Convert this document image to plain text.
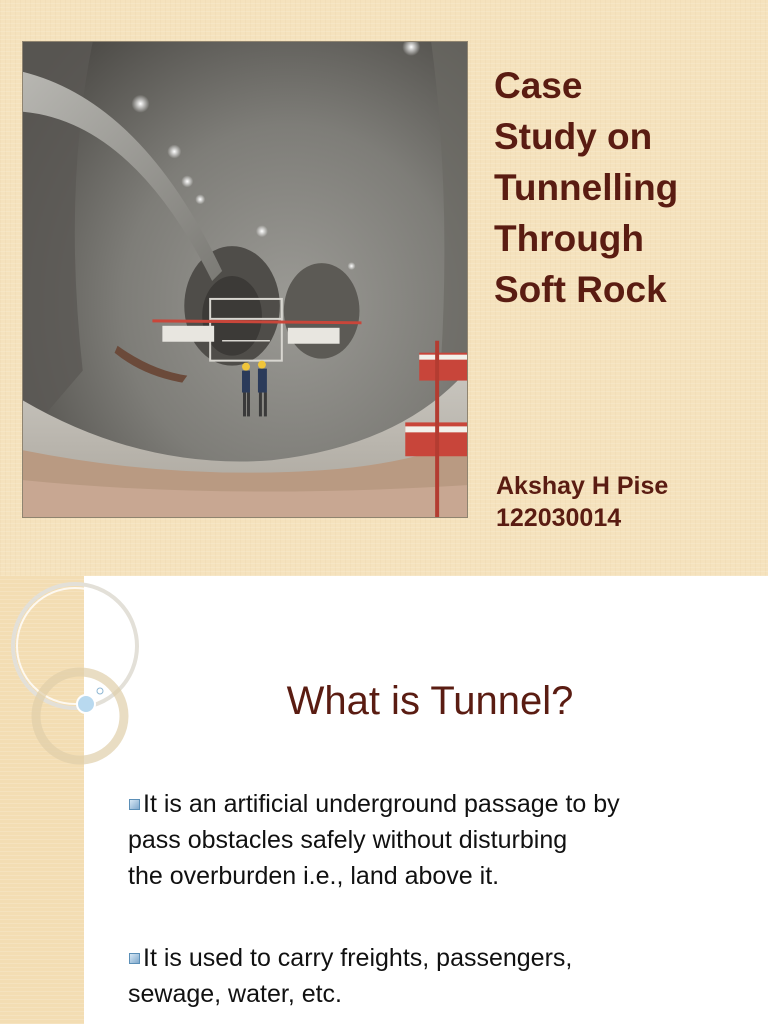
Case
Study on
Tunnelling
Through
Soft Rock
Akshay H Pise
122030014
What is Tunnel?

It is an artificial underground passage to by
pass obstacles safely without disturbing
the overburden i.e., land above it.

It is used to carry freights, passengers,
sewage, water, etc.
